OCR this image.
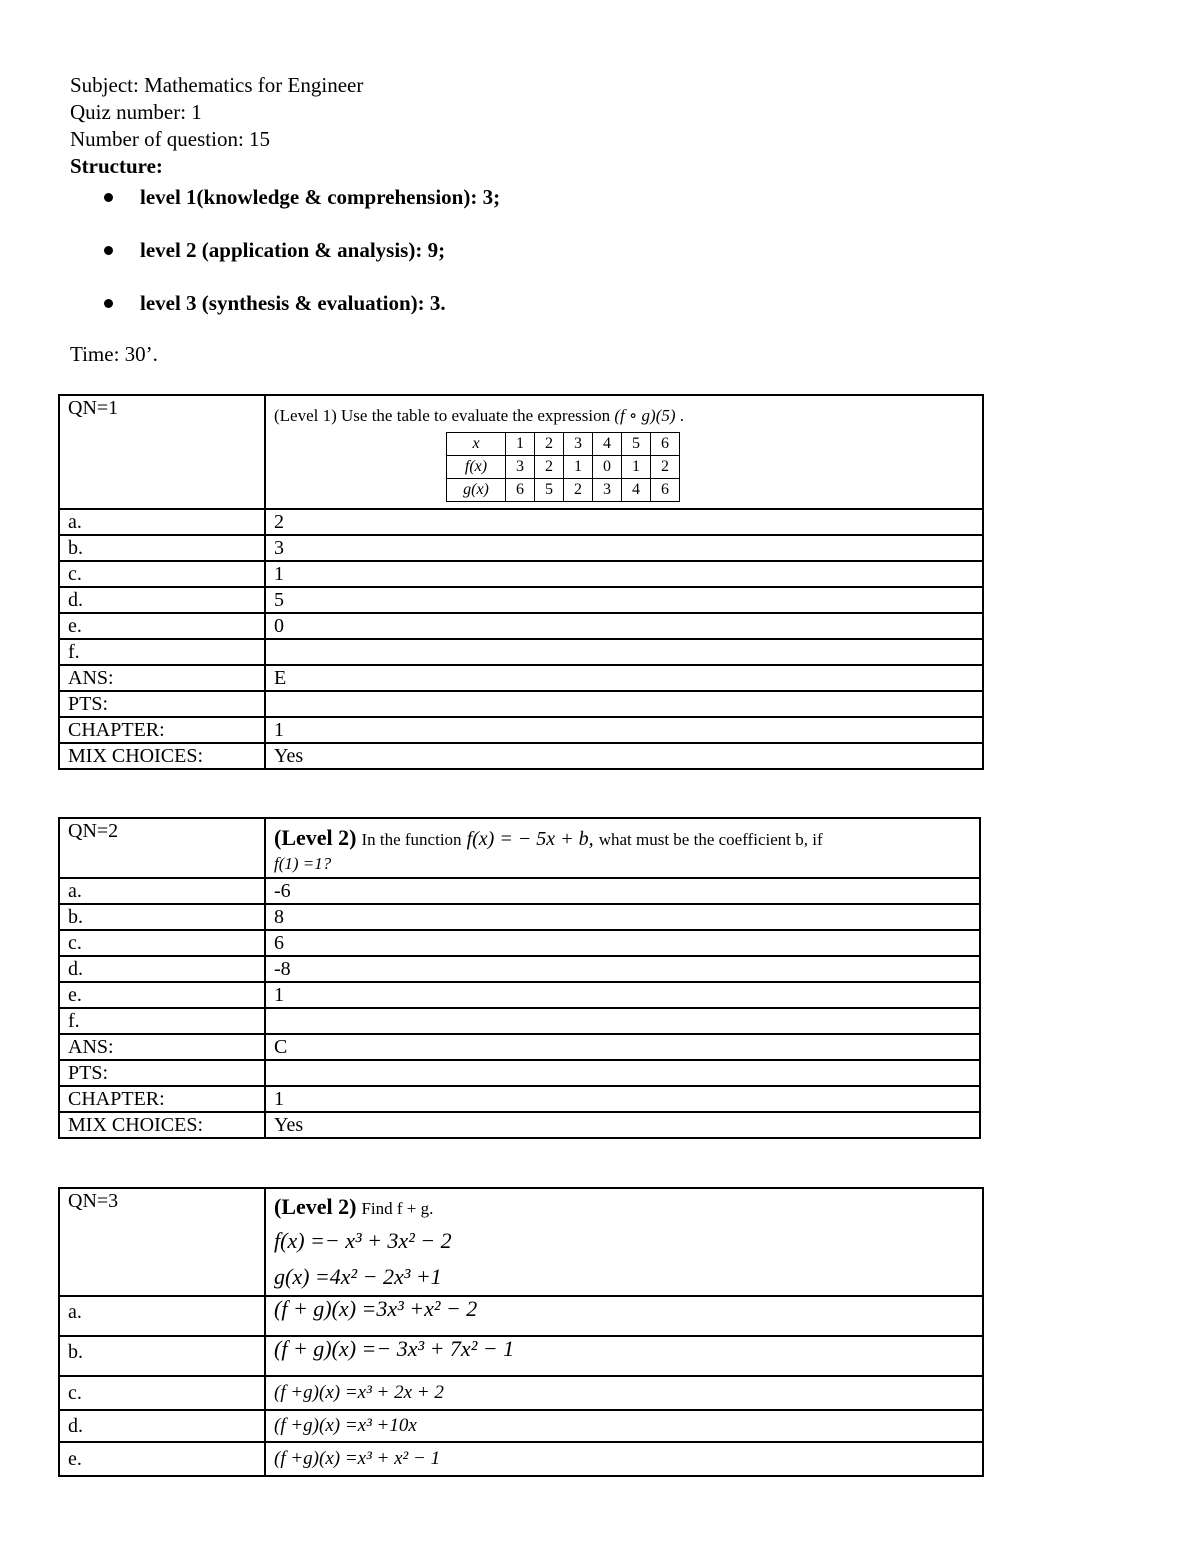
Subject: Mathematics for Engineer
Quiz number: 1
Number of question: 15
Structure:
level 1(knowledge & comprehension): 3;
level 2 (application & analysis): 9;
level 3 (synthesis & evaluation): 3.
Time: 30’.
QN=1	(Level 1) Use the table to evaluate the expression (f ∘ g)(5) .
x	1	2	3	4	5	6
f(x)	3	2	1	0	1	2
g(x)	6	5	2	3	4	6

a.	2
b.	3
c.	1
d.	5
e.	0
f.	
ANS:	E
PTS:	
CHAPTER:	1
MIX CHOICES:	Yes
QN=2	(Level 2) In the function f(x) = − 5x + b, what must be the coefficient b, if
f(1) =1?

a.	-6
b.	8
c.	6
d.	-8
e.	1
f.	
ANS:	C
PTS:	
CHAPTER:	1
MIX CHOICES:	Yes
QN=3	(Level 2) Find f + g.
f(x) =− x³ + 3x² − 2
g(x) =4x² − 2x³ +1

a.	(f + g)(x) =3x³ +x² − 2
b.	(f + g)(x) =− 3x³ + 7x² − 1
c.	(f +g)(x) =x³ + 2x + 2
d.	(f +g)(x) =x³ +10x
e.	(f +g)(x) =x³ + x² − 1
